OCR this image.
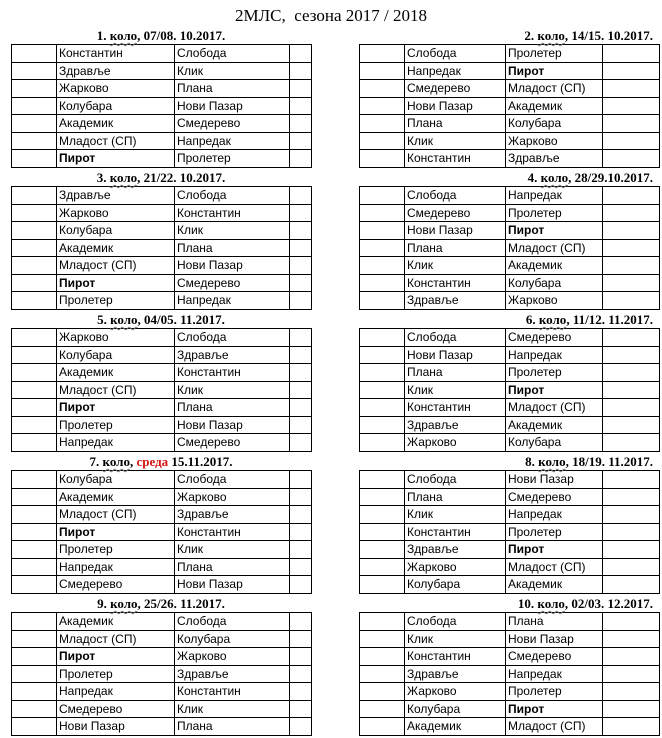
2МЛС,  сезона 2017 / 2018
1. коло, 07/08. 10.2017.
	Константин	Слобода	
	Здравље	Клик	
	Жарково	Плана	
	Колубара	Нови Пазар	
	Академик	Смедерево	
	Младост (СП)	Напредак	
	Пирот	Пролетер	
2. коло, 14/15. 10.2017.
	Слобода	Пролетер	
	Напредак	Пирот	
	Смедерево	Младост (СП)	
	Нови Пазар	Академик	
	Плана	Колубара	
	Клик	Жарково	
	Константин	Здравље	
3. коло, 21/22. 10.2017.
	Здравље	Слобода	
	Жарково	Константин	
	Колубара	Клик	
	Академик	Плана	
	Младост (СП)	Нови Пазар	
	Пирот	Смедерево	
	Пролетер	Напредак	
4. коло, 28/29.10.2017.
	Слобода	Напредак	
	Смедерево	Пролетер	
	Нови Пазар	Пирот	
	Плана	Младост (СП)	
	Клик	Академик	
	Константин	Колубара	
	Здравље	Жарково	
5. коло, 04/05. 11.2017.
	Жарково	Слобода	
	Колубара	Здравље	
	Академик	Константин	
	Младост (СП)	Клик	
	Пирот	Плана	
	Пролетер	Нови Пазар	
	Напредак	Смедерево	
6. коло, 11/12. 11.2017.
	Слобода	Смедерево	
	Нови Пазар	Напредак	
	Плана	Пролетер	
	Клик	Пирот	
	Константин	Младост (СП)	
	Здравље	Академик	
	Жарково	Колубара	
7. коло, среда 15.11.2017.
	Колубара	Слобода	
	Академик	Жарково	
	Младост (СП)	Здравље	
	Пирот	Константин	
	Пролетер	Клик	
	Напредак	Плана	
	Смедерево	Нови Пазар	
8. коло, 18/19. 11.2017.
	Слобода	Нови Пазар	
	Плана	Смедерево	
	Клик	Напредак	
	Константин	Пролетер	
	Здравље	Пирот	
	Жарково	Младост (СП)	
	Колубара	Академик	
9. коло, 25/26. 11.2017.
	Академик	Слобода	
	Младост (СП)	Колубара	
	Пирот	Жарково	
	Пролетер	Здравље	
	Напредак	Константин	
	Смедерево	Клик	
	Нови Пазар	Плана	
10. коло, 02/03. 12.2017.
	Слобода	Плана	
	Клик	Нови Пазар	
	Константин	Смедерево	
	Здравље	Напредак	
	Жарково	Пролетер	
	Колубара	Пирот	
	Академик	Младост (СП)	
